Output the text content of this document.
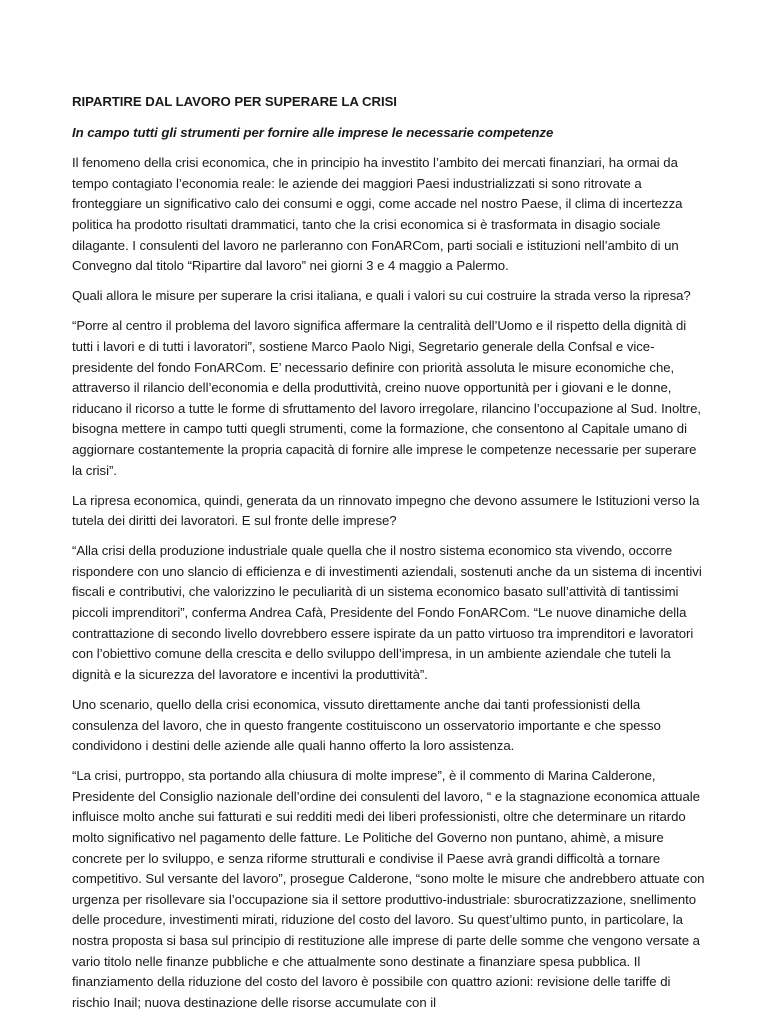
RIPARTIRE DAL LAVORO PER SUPERARE LA CRISI
In campo tutti gli strumenti per fornire alle imprese le necessarie competenze

Il fenomeno della crisi economica, che in principio ha investito l’ambito dei mercati finanziari, ha ormai da tempo contagiato l’economia reale: le aziende dei maggiori Paesi industrializzati si sono ritrovate a fronteggiare un significativo calo dei consumi e oggi, come accade nel nostro Paese, il clima di incertezza politica ha prodotto risultati drammatici, tanto che la crisi economica si è trasformata in disagio sociale dilagante. I consulenti del lavoro ne parleranno con FonARCom, parti sociali e istituzioni nell’ambito di un Convegno dal titolo “Ripartire dal lavoro” nei giorni 3 e 4 maggio a Palermo.

Quali allora le misure per superare la crisi italiana, e quali i valori su cui costruire la strada verso la ripresa?

“Porre al centro il problema del lavoro significa affermare la centralità dell’Uomo e il rispetto della dignità di tutti i lavori e di tutti i lavoratori”, sostiene Marco Paolo Nigi, Segretario generale della Confsal e vice-presidente del fondo FonARCom. E’ necessario definire con priorità assoluta le misure economiche che, attraverso il rilancio dell’economia e della produttività, creino nuove opportunità per i giovani e le donne, riducano il ricorso a tutte le forme di sfruttamento del lavoro irregolare, rilancino l’occupazione al Sud. Inoltre, bisogna mettere in campo tutti quegli strumenti, come la formazione, che consentono al Capitale umano di aggiornare costantemente la propria capacità di fornire alle imprese le competenze necessarie per superare la crisi”.

La ripresa economica, quindi, generata da un rinnovato impegno che devono assumere le Istituzioni verso la tutela dei diritti dei lavoratori. E sul fronte delle imprese?

“Alla crisi della produzione industriale quale quella che il nostro sistema economico sta vivendo, occorre rispondere con uno slancio di efficienza e di investimenti aziendali, sostenuti anche da un sistema di incentivi fiscali e contributivi, che valorizzino le peculiarità di un sistema economico basato sull’attività di tantissimi piccoli imprenditori”, conferma Andrea Cafà, Presidente del Fondo FonARCom. “Le nuove dinamiche della contrattazione di secondo livello dovrebbero essere ispirate da un patto virtuoso tra imprenditori e lavoratori con l’obiettivo comune della crescita e dello sviluppo dell’impresa, in un ambiente aziendale che tuteli la dignità e la sicurezza del lavoratore e incentivi la produttività”.

Uno scenario, quello della crisi economica, vissuto direttamente anche dai tanti professionisti della consulenza del lavoro, che in questo frangente costituiscono un osservatorio importante e che spesso condividono i destini delle aziende alle quali hanno offerto la loro assistenza.

“La crisi, purtroppo, sta portando alla chiusura di molte imprese”, è il commento di Marina Calderone, Presidente del Consiglio nazionale dell’ordine dei consulenti del lavoro, “ e la stagnazione economica attuale influisce molto anche sui fatturati e sui redditi medi dei liberi professionisti, oltre che determinare un ritardo molto significativo nel pagamento delle fatture. Le Politiche del Governo non puntano, ahimè, a misure concrete per lo sviluppo, e senza riforme strutturali e condivise il Paese avrà grandi difficoltà a tornare competitivo. Sul versante del lavoro”, prosegue Calderone, “sono molte le misure che andrebbero attuate con urgenza per risollevare sia l’occupazione sia il settore produttivo-industriale: sburocratizzazione, snellimento delle procedure, investimenti mirati, riduzione del costo del lavoro. Su quest’ultimo punto, in particolare, la nostra proposta si basa sul principio di restituzione alle imprese di parte delle somme che vengono versate a vario titolo nelle finanze pubbliche e che attualmente sono destinate a finanziare spesa pubblica. Il finanziamento della riduzione del costo del lavoro è possibile con quattro azioni: revisione delle tariffe di rischio Inail; nuova destinazione delle risorse accumulate con il
